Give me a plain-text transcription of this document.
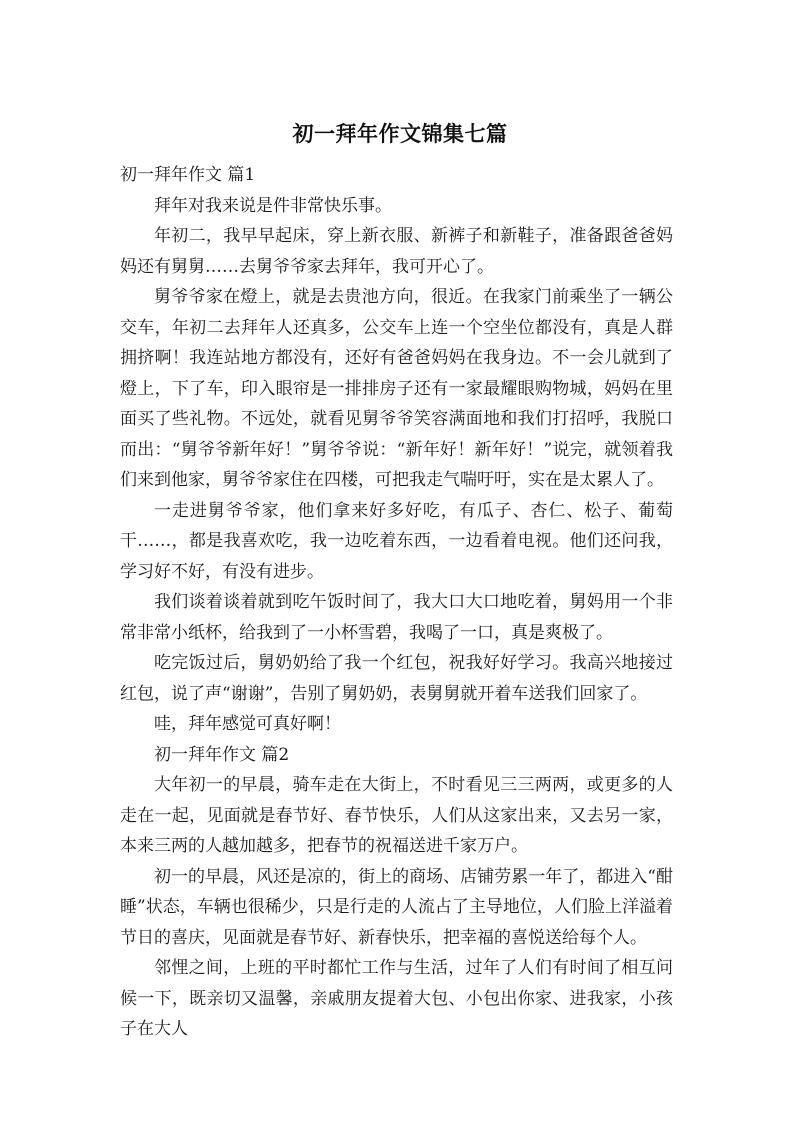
初一拜年作文锦集七篇

初一拜年作文 篇1

拜年对我来说是件非常快乐事。

年初二，我早早起床，穿上新衣服、新裤子和新鞋子，准备跟爸爸妈妈还有舅舅……去舅爷爷家去拜年，我可开心了。

舅爷爷家在燈上，就是去贵池方向，很近。在我家门前乘坐了一辆公交车，年初二去拜年人还真多，公交车上连一个空坐位都没有，真是人群拥挤啊！我连站地方都没有，还好有爸爸妈妈在我身边。不一会儿就到了燈上，下了车，印入眼帘是一排排房子还有一家最耀眼购物城，妈妈在里面买了些礼物。不远处，就看见舅爷爷笑容满面地和我们打招呼，我脱口而出：“舅爷爷新年好！”舅爷爷说：“新年好！新年好！”说完，就领着我们来到他家，舅爷爷家住在四楼，可把我走气喘吁吁，实在是太累人了。

一走进舅爷爷家，他们拿来好多好吃，有瓜子、杏仁、松子、葡萄干……，都是我喜欢吃，我一边吃着东西，一边看着电视。他们还问我，学习好不好，有没有进步。

我们谈着谈着就到吃午饭时间了，我大口大口地吃着，舅妈用一个非常非常小纸杯，给我到了一小杯雪碧，我喝了一口，真是爽极了。

吃完饭过后，舅奶奶给了我一个红包，祝我好好学习。我高兴地接过红包，说了声“谢谢”，告别了舅奶奶，表舅舅就开着车送我们回家了。

哇，拜年感觉可真好啊！

初一拜年作文 篇2

大年初一的早晨，骑车走在大街上，不时看见三三两两，或更多的人走在一起，见面就是春节好、春节快乐，人们从这家出来，又去另一家，本来三两的人越加越多，把春节的祝福送进千家万户。

初一的早晨，风还是凉的，街上的商场、店铺劳累一年了，都进入“酣睡”状态，车辆也很稀少，只是行走的人流占了主导地位，人们脸上洋溢着节日的喜庆，见面就是春节好、新春快乐，把幸福的喜悦送给每个人。

邻悝之间，上班的平时都忙工作与生活，过年了人们有时间了相互问候一下，既亲切又温馨，亲戚朋友提着大包、小包出你家、进我家，小孩子在大人
